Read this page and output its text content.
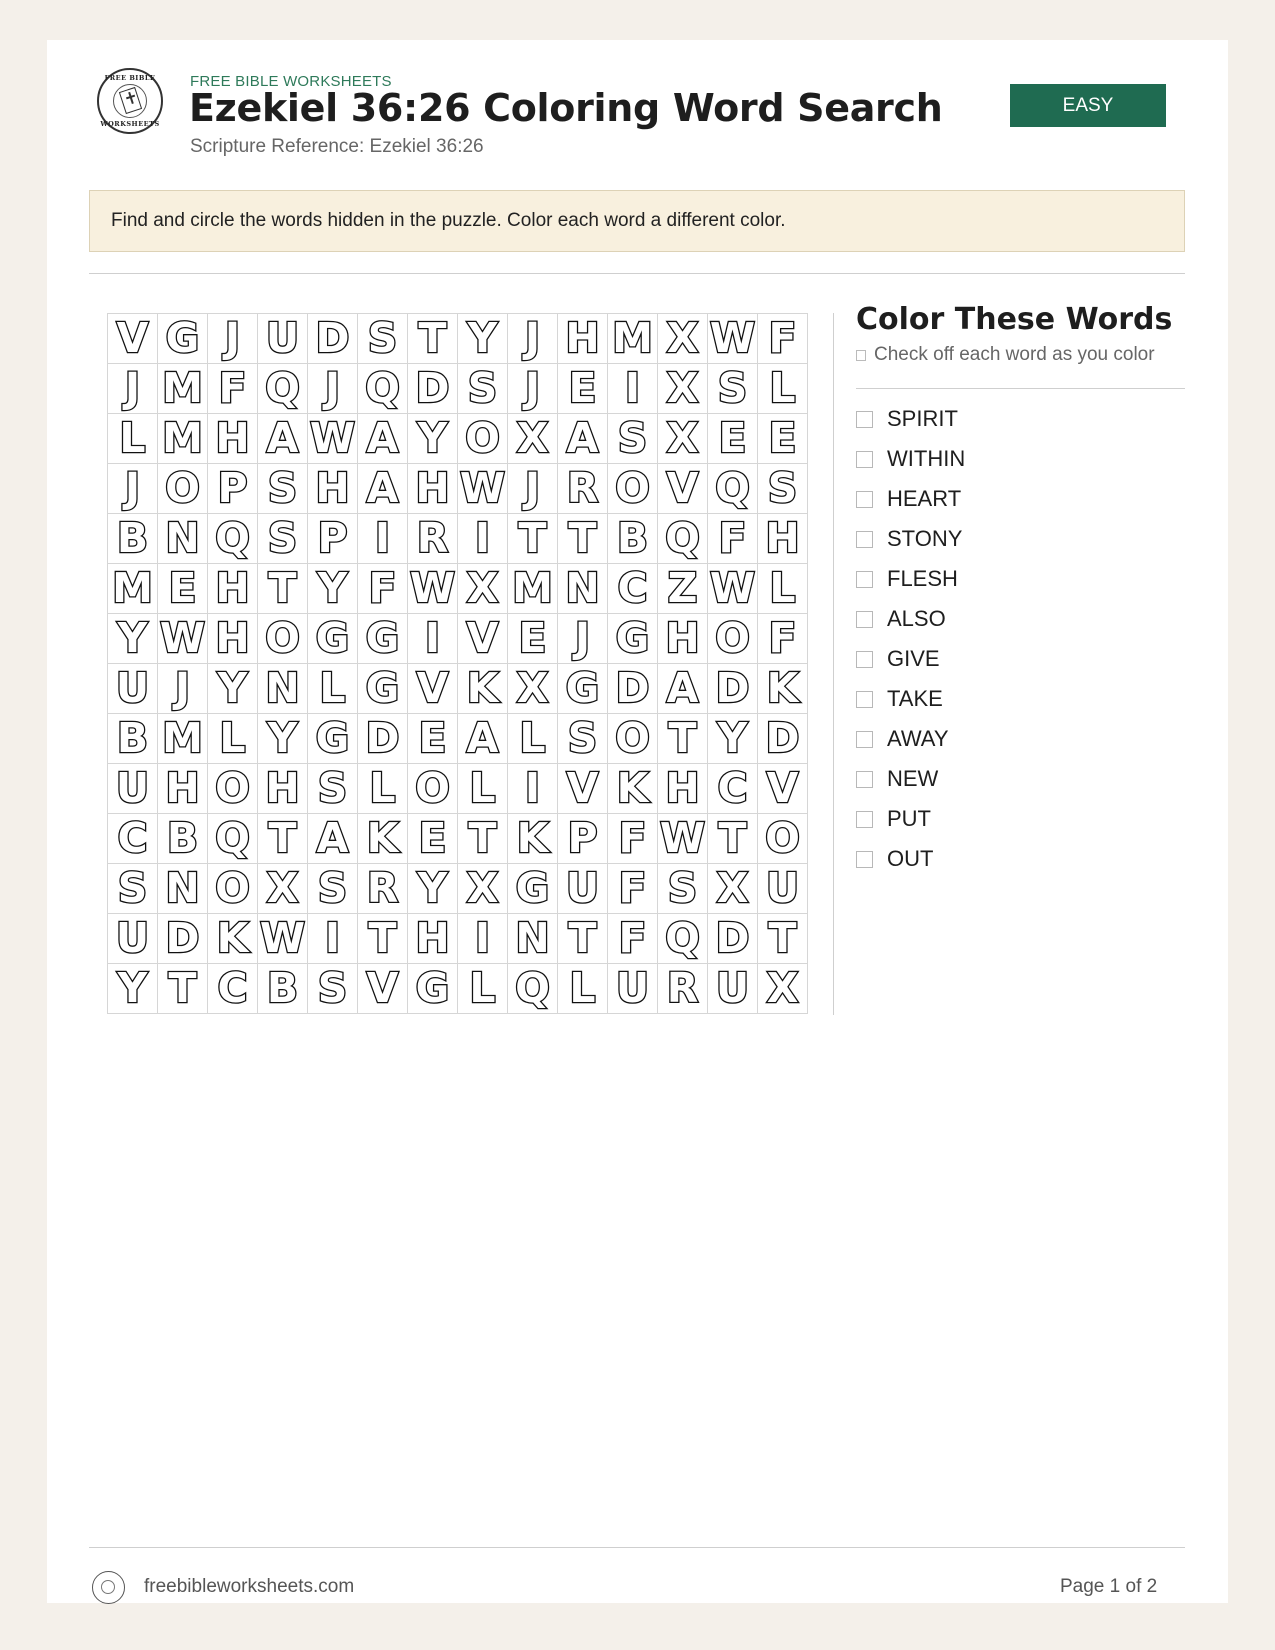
FREE BIBLE
WORKSHEETS
FREE BIBLE WORKSHEETS
Ezekiel 36:26 Coloring Word Search
Scripture Reference: Ezekiel 36:26
EASY
Find and circle the words hidden in the puzzle. Color each word a different color.
V	G	J	U	D	S	T	Y	J	H	M	X	W	F
J	M	F	Q	J	Q	D	S	J	E	I	X	S	L
L	M	H	A	W	A	Y	O	X	A	S	X	E	E
J	O	P	S	H	A	H	W	J	R	O	V	Q	S
B	N	Q	S	P	I	R	I	T	T	B	Q	F	H
M	E	H	T	Y	F	W	X	M	N	C	Z	W	L
Y	W	H	O	G	G	I	V	E	J	G	H	O	F
U	J	Y	N	L	G	V	K	X	G	D	A	D	K
B	M	L	Y	G	D	E	A	L	S	O	T	Y	D
U	H	O	H	S	L	O	L	I	V	K	H	C	V
C	B	Q	T	A	K	E	T	K	P	F	W	T	O
S	N	O	X	S	R	Y	X	G	U	F	S	X	U
U	D	K	W	I	T	H	I	N	T	F	Q	D	T
Y	T	C	B	S	V	G	L	Q	L	U	R	U	X
Color These Words
Check off each word as you color
SPIRIT
WITHIN
HEART
STONY
FLESH
ALSO
GIVE
TAKE
AWAY
NEW
PUT
OUT
freebibleworksheets.com	Page 1 of 2
